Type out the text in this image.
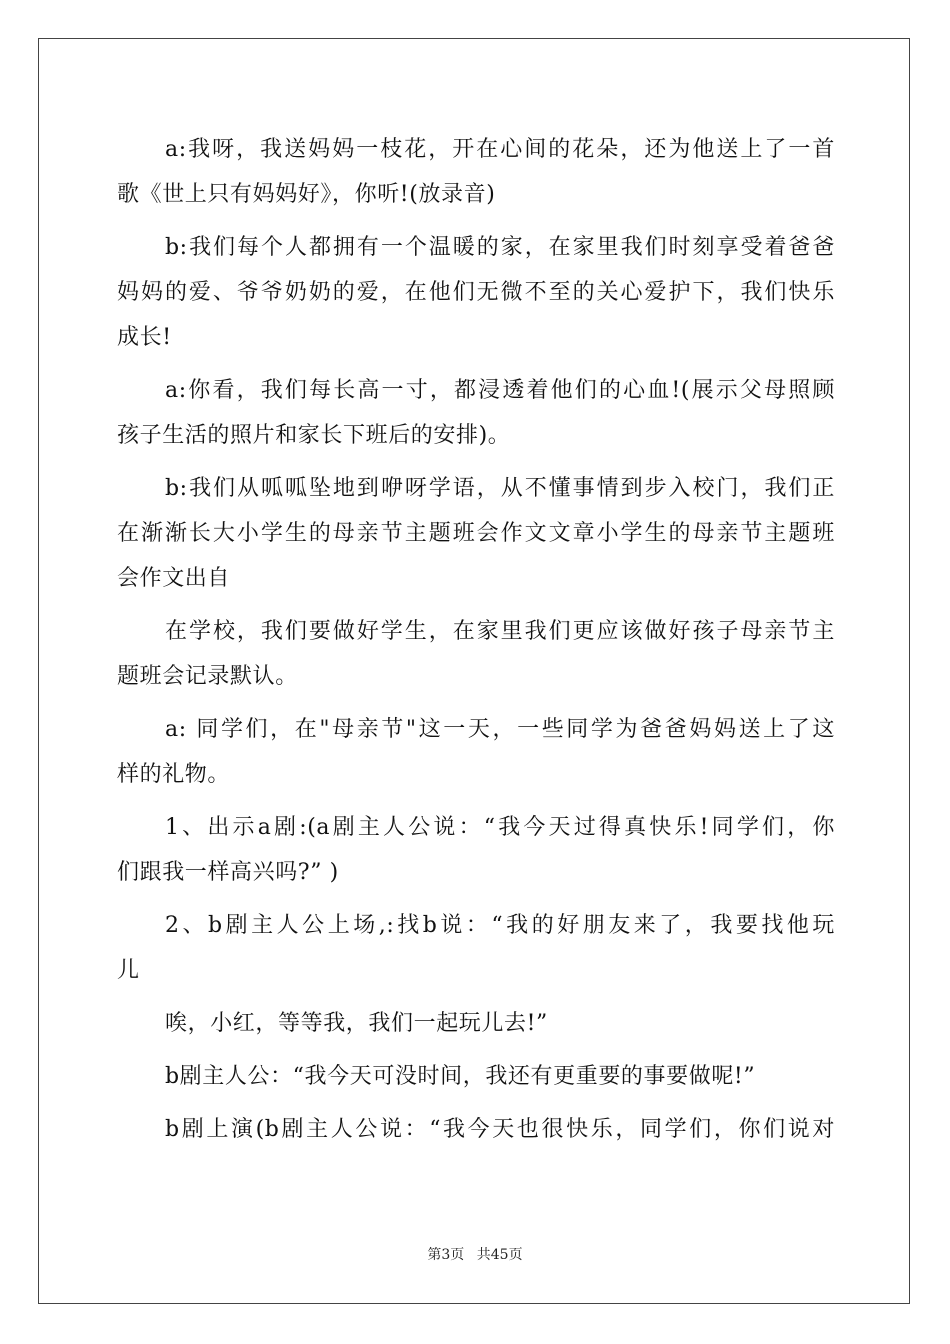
a:我呀，我送妈妈一枝花，开在心间的花朵，还为他送上了一首
歌《世上只有妈妈好》，你听!(放录音)
b:我们每个人都拥有一个温暖的家，在家里我们时刻享受着爸爸
妈妈的爱、爷爷奶奶的爱，在他们无微不至的关心爱护下，我们快乐
成长!
a:你看，我们每长高一寸，都浸透着他们的心血!(展示父母照顾
孩子生活的照片和家长下班后的安排)。
b:我们从呱呱坠地到咿呀学语，从不懂事情到步入校门，我们正
在渐渐长大小学生的母亲节主题班会作文文章小学生的母亲节主题班
会作文出自
在学校，我们要做好学生，在家里我们更应该做好孩子母亲节主
题班会记录默认。
a: 同学们，在"母亲节"这一天，一些同学为爸爸妈妈送上了这
样的礼物。
1、出示a剧:(a剧主人公说：“我今天过得真快乐!同学们，你
们跟我一样高兴吗?” )
2、b剧主人公上场,:找b说：“我的好朋友来了，我要找他玩
儿
唉，小红，等等我，我们一起玩儿去!”
b剧主人公：“我今天可没时间，我还有更重要的事要做呢!”
b剧上演(b剧主人公说：“我今天也很快乐，同学们，你们说对
第3页 共45页
